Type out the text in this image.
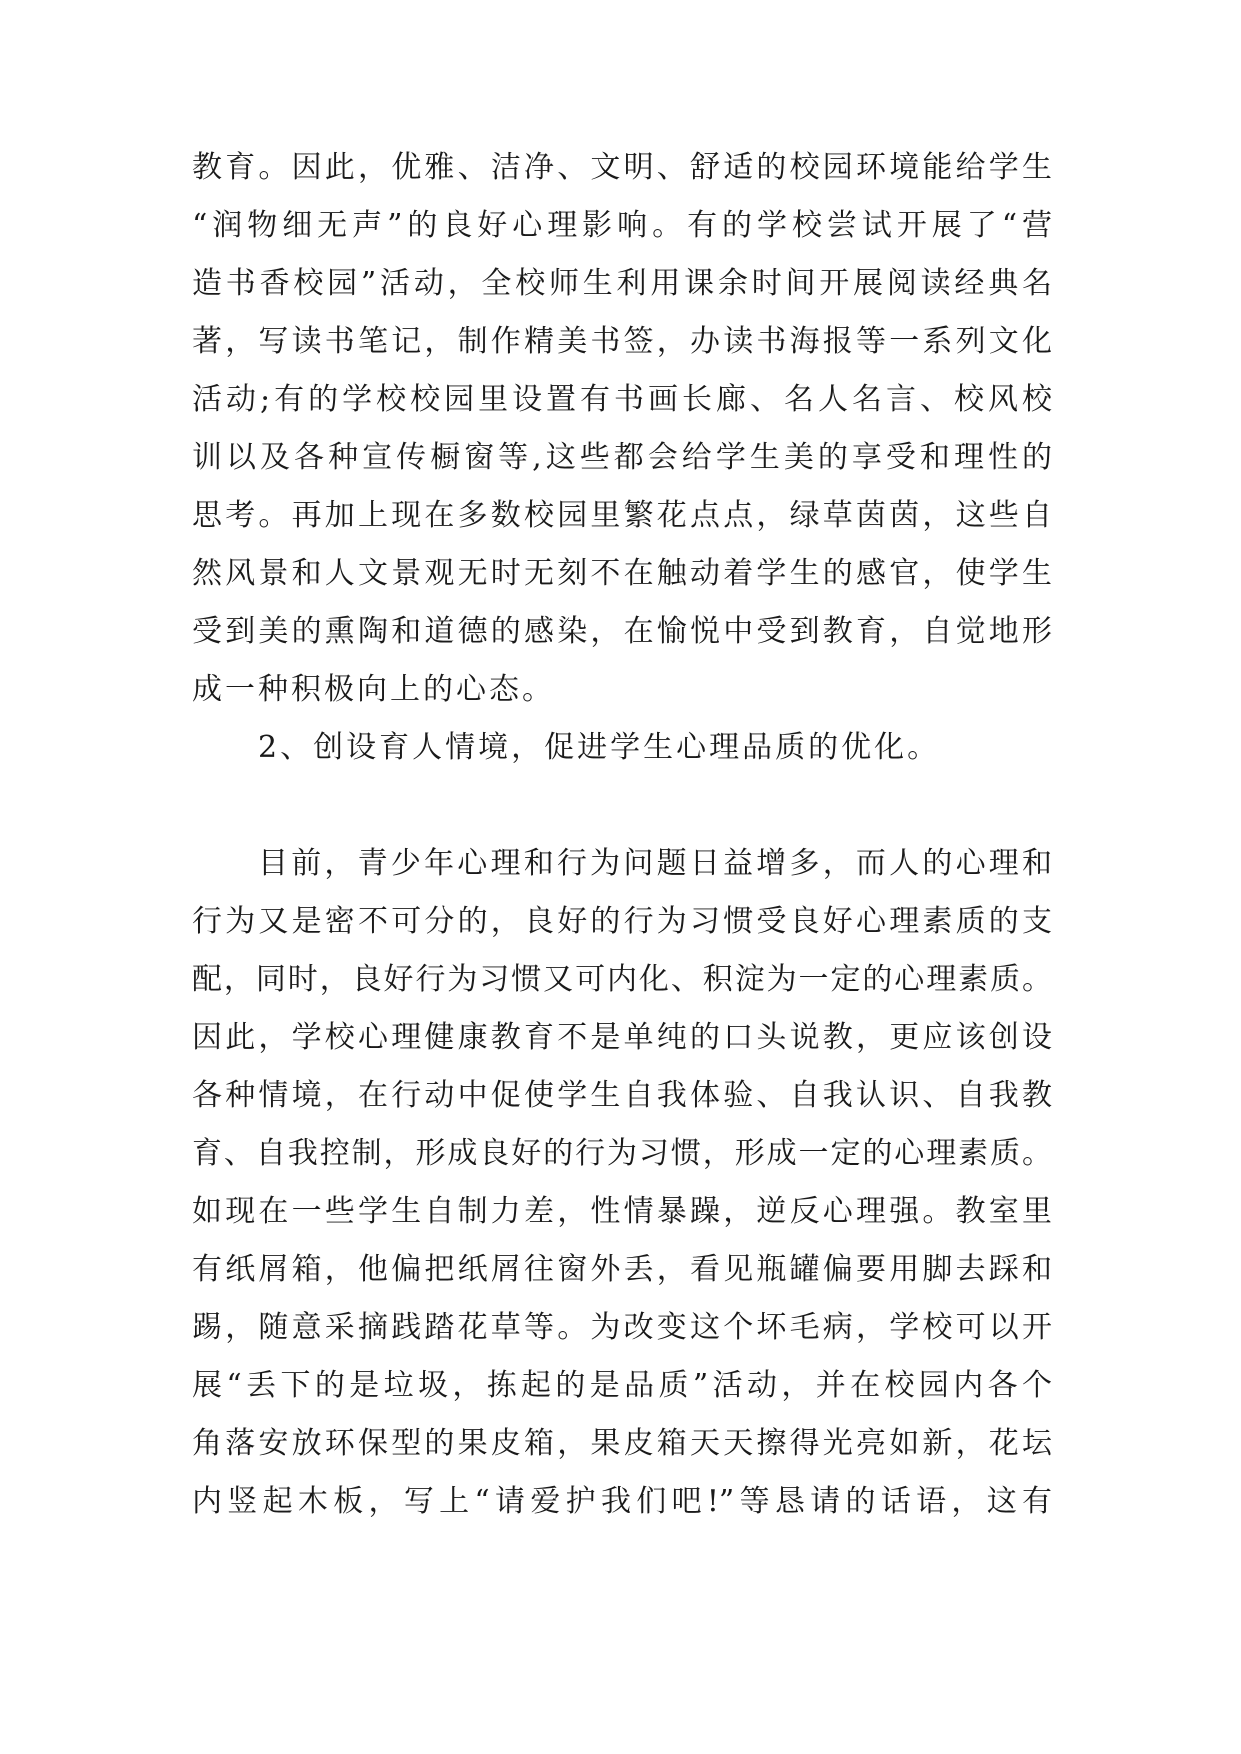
教育。因此，优雅、洁净、文明、舒适的校园环境能给学生
“润物细无声”的良好心理影响。有的学校尝试开展了“营
造书香校园”活动，全校师生利用课余时间开展阅读经典名
著，写读书笔记，制作精美书签，办读书海报等一系列文化
活动;有的学校校园里设置有书画长廊、名人名言、校风校
训以及各种宣传橱窗等,这些都会给学生美的享受和理性的
思考。再加上现在多数校园里繁花点点，绿草茵茵，这些自
然风景和人文景观无时无刻不在触动着学生的感官，使学生
受到美的熏陶和道德的感染，在愉悦中受到教育，自觉地形
成一种积极向上的心态。
2、创设育人情境，促进学生心理品质的优化。
目前，青少年心理和行为问题日益增多，而人的心理和
行为又是密不可分的，良好的行为习惯受良好心理素质的支
配，同时，良好行为习惯又可内化、积淀为一定的心理素质。
因此，学校心理健康教育不是单纯的口头说教，更应该创设
各种情境，在行动中促使学生自我体验、自我认识、自我教
育、自我控制，形成良好的行为习惯，形成一定的心理素质。
如现在一些学生自制力差，性情暴躁，逆反心理强。教室里
有纸屑箱，他偏把纸屑往窗外丢，看见瓶罐偏要用脚去踩和
踢，随意采摘践踏花草等。为改变这个坏毛病，学校可以开
展“丢下的是垃圾，拣起的是品质”活动，并在校园内各个
角落安放环保型的果皮箱，果皮箱天天擦得光亮如新，花坛
内竖起木板，写上“请爱护我们吧!”等恳请的话语，这有
